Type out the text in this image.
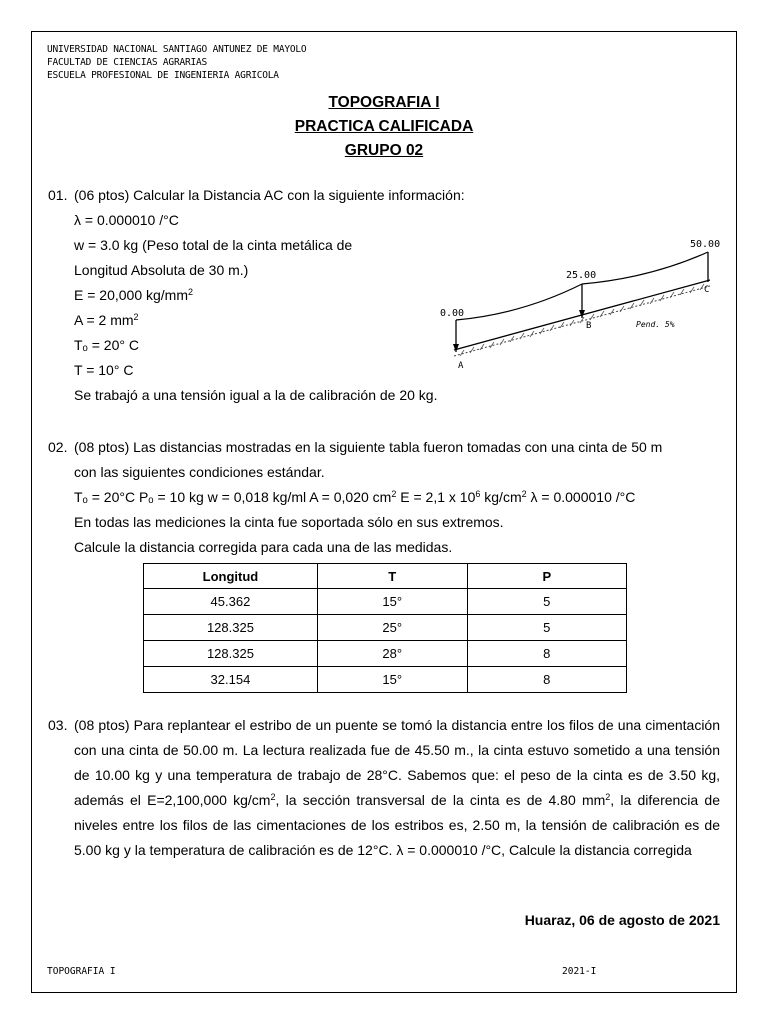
UNIVERSIDAD NACIONAL SANTIAGO ANTUNEZ DE MAYOLO
FACULTAD DE CIENCIAS AGRARIAS
ESCUELA PROFESIONAL DE INGENIERIA AGRICOLA
TOPOGRAFIA I
PRACTICA CALIFICADA
GRUPO 02
01. (06 ptos) Calcular la Distancia AC con la siguiente información:
λ = 0.000010 /°C
w = 3.0 kg (Peso total de la cinta metálica de
Longitud Absoluta de 30 m.)
E = 20,000 $kg/mm^2$
A = 2 $mm^2$
Tₒ = 20° C
T = 10° C
Se trabajó a una tensión igual a la de calibración de 20 kg.
0.00
25.00
50.00
A
B
C
Pend. 5%
02. (08 ptos) Las distancias mostradas en la siguiente tabla fueron tomadas con una cinta de 50 m
con las siguientes condiciones estándar.
Tₒ = 20°C Pₒ = 10 kg w = 0,018 kg/ml A = 0,020 $cm^2$ E = 2,1 x $10^6$ $kg/cm^2$ λ = 0.000010 /°C
En todas las mediciones la cinta fue soportada sólo en sus extremos.
Calcule la distancia corregida para cada una de las medidas.
Longitud	T	P
45.362	15°	5
128.325	25°	5
128.325	28°	8
32.154	15°	8
03. (08 ptos) Para replantear el estribo de un puente se tomó la distancia entre los filos de una cimentación con una cinta de 50.00 m. La lectura realizada fue de 45.50 m., la cinta estuvo sometido a una tensión de 10.00 kg y una temperatura de trabajo de 28°C. Sabemos que: el peso de la cinta es de 3.50 kg, además el E=2,100,000 $kg/cm^2$, la sección transversal de la cinta es de 4.80 $mm^2$, la diferencia de niveles entre los filos de las cimentaciones de los estribos es, 2.50 m, la tensión de calibración es de 5.00 kg y la temperatura de calibración es de 12°C. λ = 0.000010 /°C, Calcule la distancia corregida
Huaraz, 06 de agosto de 2021
TOPOGRAFIA I	2021-I
